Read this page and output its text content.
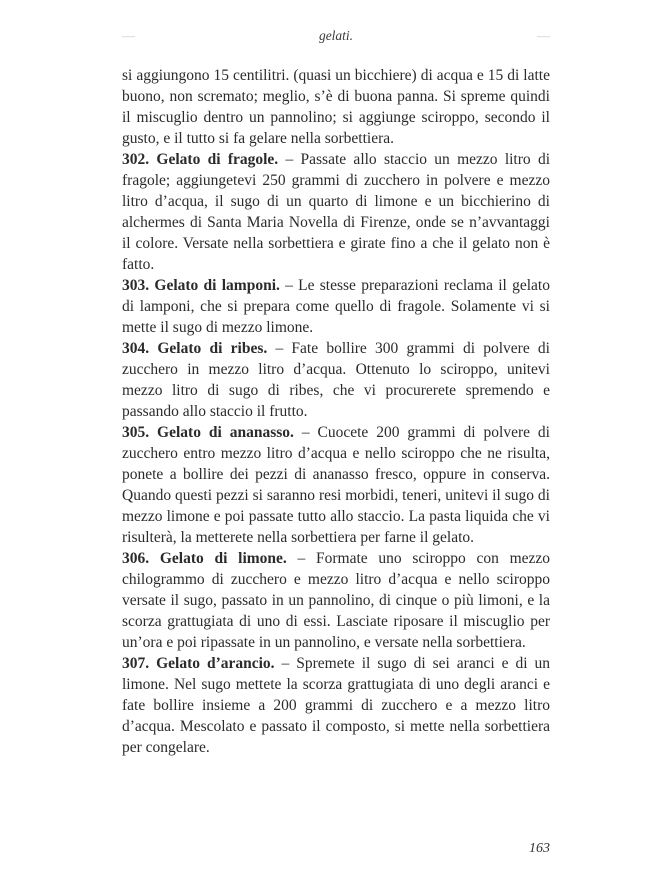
—	gelati.	—

si aggiungono 15 centilitri. (quasi un bicchiere) di acqua e 15 di latte buono, non scremato; meglio, s’è di buona panna. Si spreme quindi il miscuglio dentro un pannolino; si aggiunge sciroppo, secondo il gusto, e il tutto si fa gelare nella sorbettiera.

302. Gelato di fragole. – Passate allo staccio un mezzo litro di fragole; aggiungetevi 250 grammi di zucchero in polvere e mezzo litro d’acqua, il sugo di un quarto di limone e un bicchierino di alchermes di Santa Maria Novella di Firenze, onde se n’avvantaggi il colore. Versate nella sorbettiera e girate fino a che il gelato non è fatto.

303. Gelato di lamponi. – Le stesse preparazioni reclama il gelato di lamponi, che si prepara come quello di fragole. Solamente vi si mette il sugo di mezzo limone.

304. Gelato di ribes. – Fate bollire 300 grammi di polvere di zucchero in mezzo litro d’acqua. Ottenuto lo sciroppo, unitevi mezzo litro di sugo di ribes, che vi procurerete spremendo e passando allo staccio il frutto.

305. Gelato di ananasso. – Cuocete 200 grammi di polvere di zucchero entro mezzo litro d’acqua e nello sciroppo che ne risulta, ponete a bollire dei pezzi di ananasso fresco, oppure in conserva. Quando questi pezzi si saranno resi morbidi, teneri, unitevi il sugo di mezzo limone e poi passate tutto allo staccio. La pasta liquida che vi risulterà, la metterete nella sorbettiera per farne il gelato.

306. Gelato di limone. – Formate uno sciroppo con mezzo chilogrammo di zucchero e mezzo litro d’acqua e nello sciroppo versate il sugo, passato in un pannolino, di cinque o più limoni, e la scorza grattugiata di uno di essi. Lasciate riposare il miscuglio per un’ora e poi ripassate in un pannolino, e versate nella sorbettiera.

307. Gelato d’arancio. – Spremete il sugo di sei aranci e di un limone. Nel sugo mettete la scorza grattugiata di uno degli aranci e fate bollire insieme a 200 grammi di zucchero e a mezzo litro d’acqua. Mescolato e passato il composto, si mette nella sorbettiera per congelare.

163
